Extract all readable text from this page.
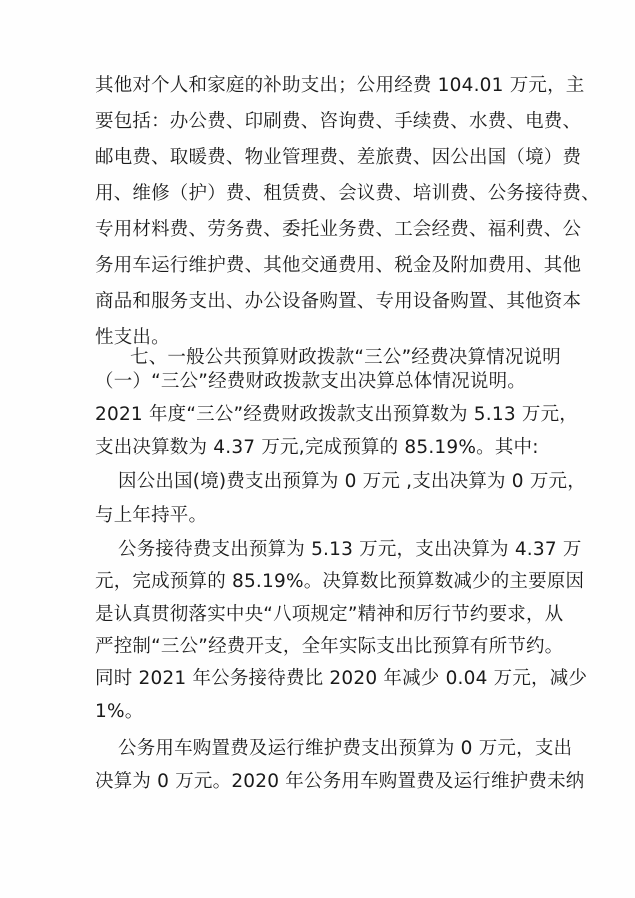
其他对个人和家庭的补助支出；公用经费 104.01 万元，主
要包括：办公费、印刷费、咨询费、手续费、水费、电费、
邮电费、取暖费、物业管理费、差旅费、因公出国（境）费
用、维修（护）费、租赁费、会议费、培训费、公务接待费、
专用材料费、劳务费、委托业务费、工会经费、福利费、公
务用车运行维护费、其他交通费用、税金及附加费用、其他
商品和服务支出、办公设备购置、专用设备购置、其他资本
性支出。
七、一般公共预算财政拨款“三公”经费决算情况说明
（一）“三公”经费财政拨款支出决算总体情况说明。
2021 年度“三公”经费财政拨款支出预算数为 5.13 万元，
支出决算数为 4.37 万元,完成预算的 85.19%。其中:
因公出国(境)费支出预算为 0 万元 ,支出决算为 0 万元，
与上年持平。
公务接待费支出预算为 5.13 万元，支出决算为 4.37 万
元，完成预算的 85.19%。决算数比预算数减少的主要原因
是认真贯彻落实中央“八项规定”精神和厉行节约要求，从
严控制“三公”经费开支，全年实际支出比预算有所节约。
同时 2021 年公务接待费比 2020 年减少 0.04 万元，减少
1%。
公务用车购置费及运行维护费支出预算为 0 万元，支出
决算为 0 万元。2020 年公务用车购置费及运行维护费未纳
